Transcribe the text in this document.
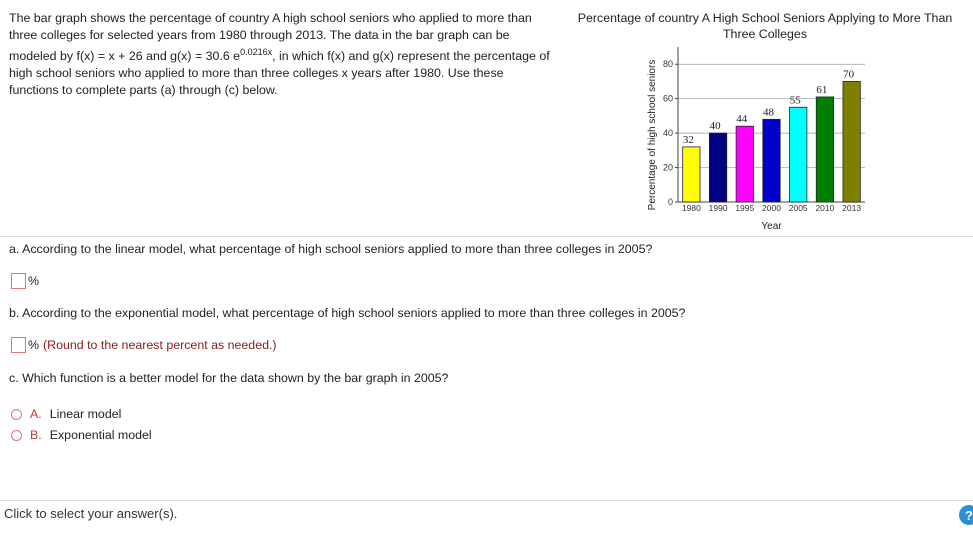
The bar graph shows the percentage of country A high school seniors who applied to more than three colleges for selected years from 1980 through 2013. The data in the bar graph can be modeled by f(x) = x + 26 and g(x) = 30.6 $e^{0.0216x}$, in which f(x) and g(x) represent the percentage of high school seniors who applied to more than three colleges x years after 1980. Use these functions to complete parts (a) through (c) below.
Percentage of country A High School Seniors Applying to More Than Three Colleges
Percentage of high school seniors 0
20
40
60
80
32
1980
40
1990
44
1995
48
2000
55
2005
61
2010
70
2013
Year
a. According to the linear model, what percentage of high school seniors applied to more than three colleges in 2005?
%
b. According to the exponential model, what percentage of high school seniors applied to more than three colleges in 2005?
% (Round to the nearest percent as needed.)
c. Which function is a better model for the data shown by the bar graph in 2005?
A. Linear model
B. Exponential model
Click to select your answer(s).	?
